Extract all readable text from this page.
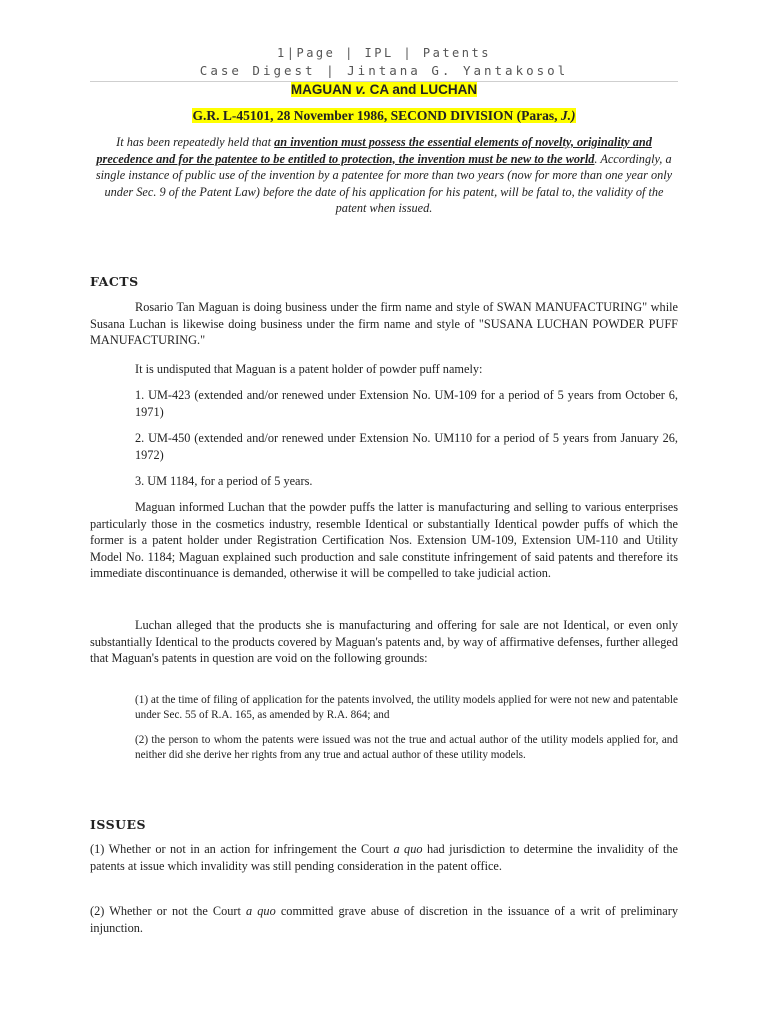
1|Page | IPL | Patents
Case Digest | Jintana G. Yantakosol
MAGUAN v. CA and LUCHAN
G.R. L-45101, 28 November 1986, SECOND DIVISION (Paras, J.)
It has been repeatedly held that an invention must possess the essential elements of novelty, originality and precedence and for the patentee to be entitled to protection, the invention must be new to the world. Accordingly, a single instance of public use of the invention by a patentee for more than two years (now for more than one year only under Sec. 9 of the Patent Law) before the date of his application for his patent, will be fatal to, the validity of the patent when issued.
FACTS
Rosario Tan Maguan is doing business under the firm name and style of SWAN MANUFACTURING" while Susana Luchan is likewise doing business under the firm name and style of "SUSANA LUCHAN POWDER PUFF MANUFACTURING."
It is undisputed that Maguan is a patent holder of powder puff namely:
1. UM-423 (extended and/or renewed under Extension No. UM-109 for a period of 5 years from October 6, 1971)
2. UM-450 (extended and/or renewed under Extension No. UM110 for a period of 5 years from January 26, 1972)
3. UM 1184, for a period of 5 years.
Maguan informed Luchan that the powder puffs the latter is manufacturing and selling to various enterprises particularly those in the cosmetics industry, resemble Identical or substantially Identical powder puffs of which the former is a patent holder under Registration Certification Nos. Extension UM-109, Extension UM-110 and Utility Model No. 1184; Maguan explained such production and sale constitute infringement of said patents and therefore its immediate discontinuance is demanded, otherwise it will be compelled to take judicial action.
Luchan alleged that the products she is manufacturing and offering for sale are not Identical, or even only substantially Identical to the products covered by Maguan's patents and, by way of affirmative defenses, further alleged that Maguan's patents in question are void on the following grounds:
(1) at the time of filing of application for the patents involved, the utility models applied for were not new and patentable under Sec. 55 of R.A. 165, as amended by R.A. 864; and
(2) the person to whom the patents were issued was not the true and actual author of the utility models applied for, and neither did she derive her rights from any true and actual author of these utility models.
ISSUES
(1) Whether or not in an action for infringement the Court a quo had jurisdiction to determine the invalidity of the patents at issue which invalidity was still pending consideration in the patent office.
(2) Whether or not the Court a quo committed grave abuse of discretion in the issuance of a writ of preliminary injunction.
